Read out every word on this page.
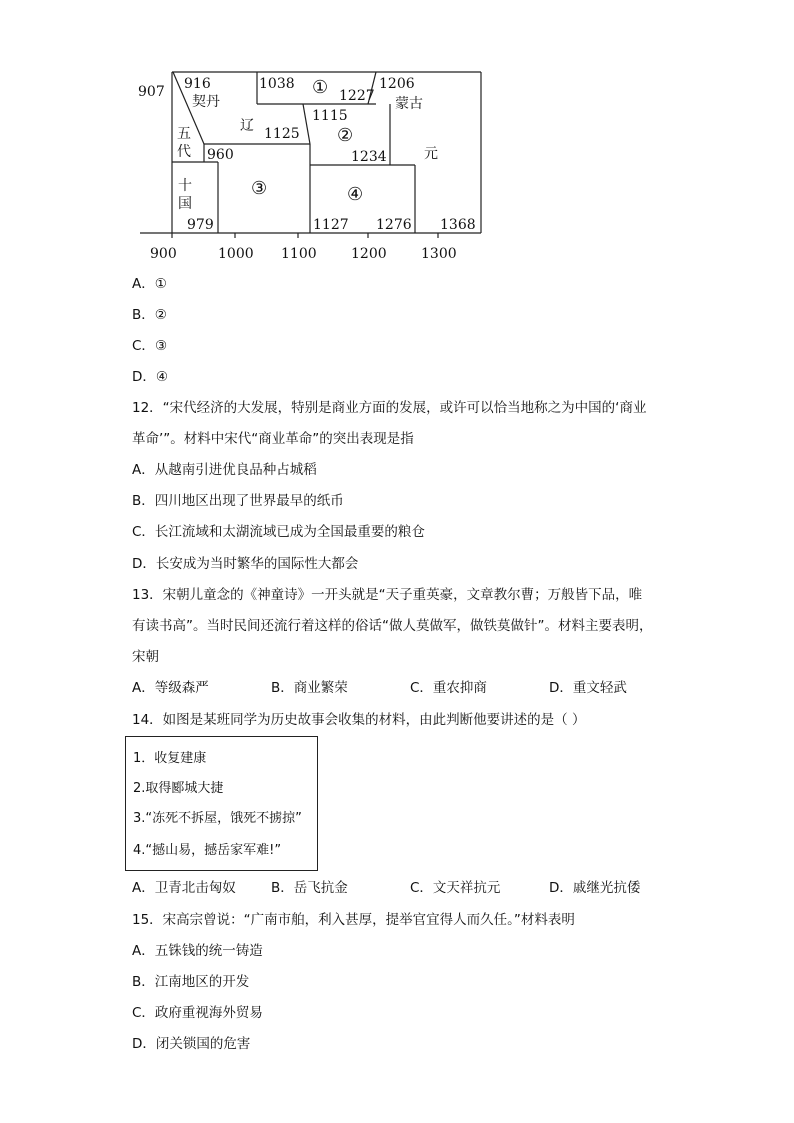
900	1000 1100 1200 1300
907 916
契丹
辽 1125
五
代
十
国
979
960
③
1038 ① 1227
1206
蒙古
1115
②
1234	元
1368
④
1127 1276
A．①
B．②
C．③
D．④
12．“宋代经济的大发展，特别是商业方面的发展，或许可以恰当地称之为中国的‘商业
革命’”。材料中宋代“商业革命”的突出表现是指
A．从越南引进优良品种占城稻
B．四川地区出现了世界最早的纸币
C．长江流域和太湖流域已成为全国最重要的粮仓
D．长安成为当时繁华的国际性大都会
13．宋朝儿童念的《神童诗》一开头就是“天子重英豪，文章教尔曹；万般皆下品，唯
有读书高”。当时民间还流行着这样的俗话“做人莫做军，做铁莫做针”。材料主要表明，
宋朝
A．等级森严	B．商业繁荣	C．重农抑商	D．重文轻武
14．如图是某班同学为历史故事会收集的材料，由此判断他要讲述的是（ ）
1．收复建康
2.取得郾城大捷
3.“冻死不拆屋，饿死不掳掠”
4.“撼山易，撼岳家军难!”
A．卫青北击匈奴	B．岳飞抗金	C．文天祥抗元	D．戚继光抗倭
15．宋高宗曾说：“广南市舶，利入甚厚，提举官宜得人而久任。”材料表明
A．五铢钱的统一铸造
B．江南地区的开发
C．政府重视海外贸易
D．闭关锁国的危害
